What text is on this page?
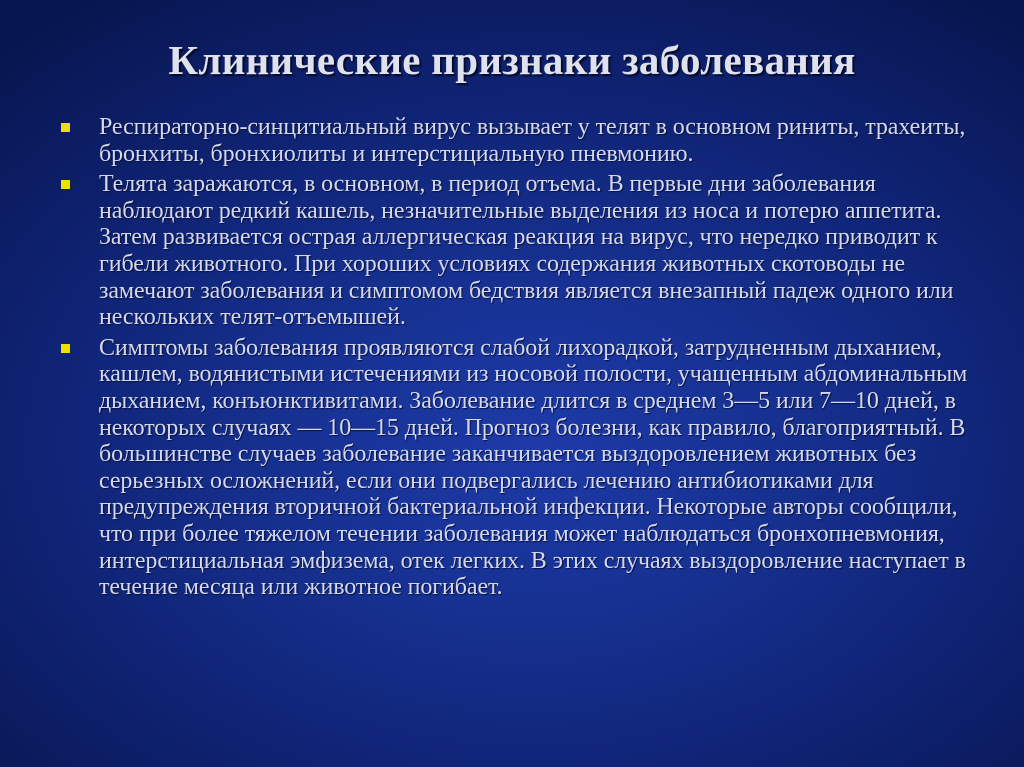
Клинические признаки заболевания
Респираторно-синцитиальный вирус вызывает у телят в основном риниты, трахеиты, бронхиты, бронхиолиты и интерстициальную пневмонию.
Телята заражаются, в основном, в период отъема. В первые дни заболевания наблюдают редкий кашель, незначительные выделения из носа и потерю аппетита. Затем развивается острая аллергическая реакция на вирус, что нередко приводит к гибели животного. При хороших условиях содержания животных скотоводы не замечают заболевания и симптомом бедствия является внезапный падеж одного или нескольких телят-отъемышей.
Симптомы заболевания проявляются слабой лихорадкой, затрудненным дыханием, кашлем, водянистыми истечениями из носовой полости, учащенным абдоминальным дыханием, конъюнктивитами. Заболевание длится в среднем 3—5 или 7—10 дней, в некоторых случаях — 10—15 дней. Прогноз болезни, как правило, благоприятный. В большинстве случаев заболевание заканчивается выздоровлением животных без серьезных осложнений, если они подвергались лечению антибиотиками для предупреждения вторичной бактериальной инфекции. Некоторые авторы сообщили, что при более тяжелом течении заболевания может наблюдаться бронхопневмония, интерстициальная эмфизема, отек легких. В этих случаях выздоровление наступает в течение месяца или животное погибает.
